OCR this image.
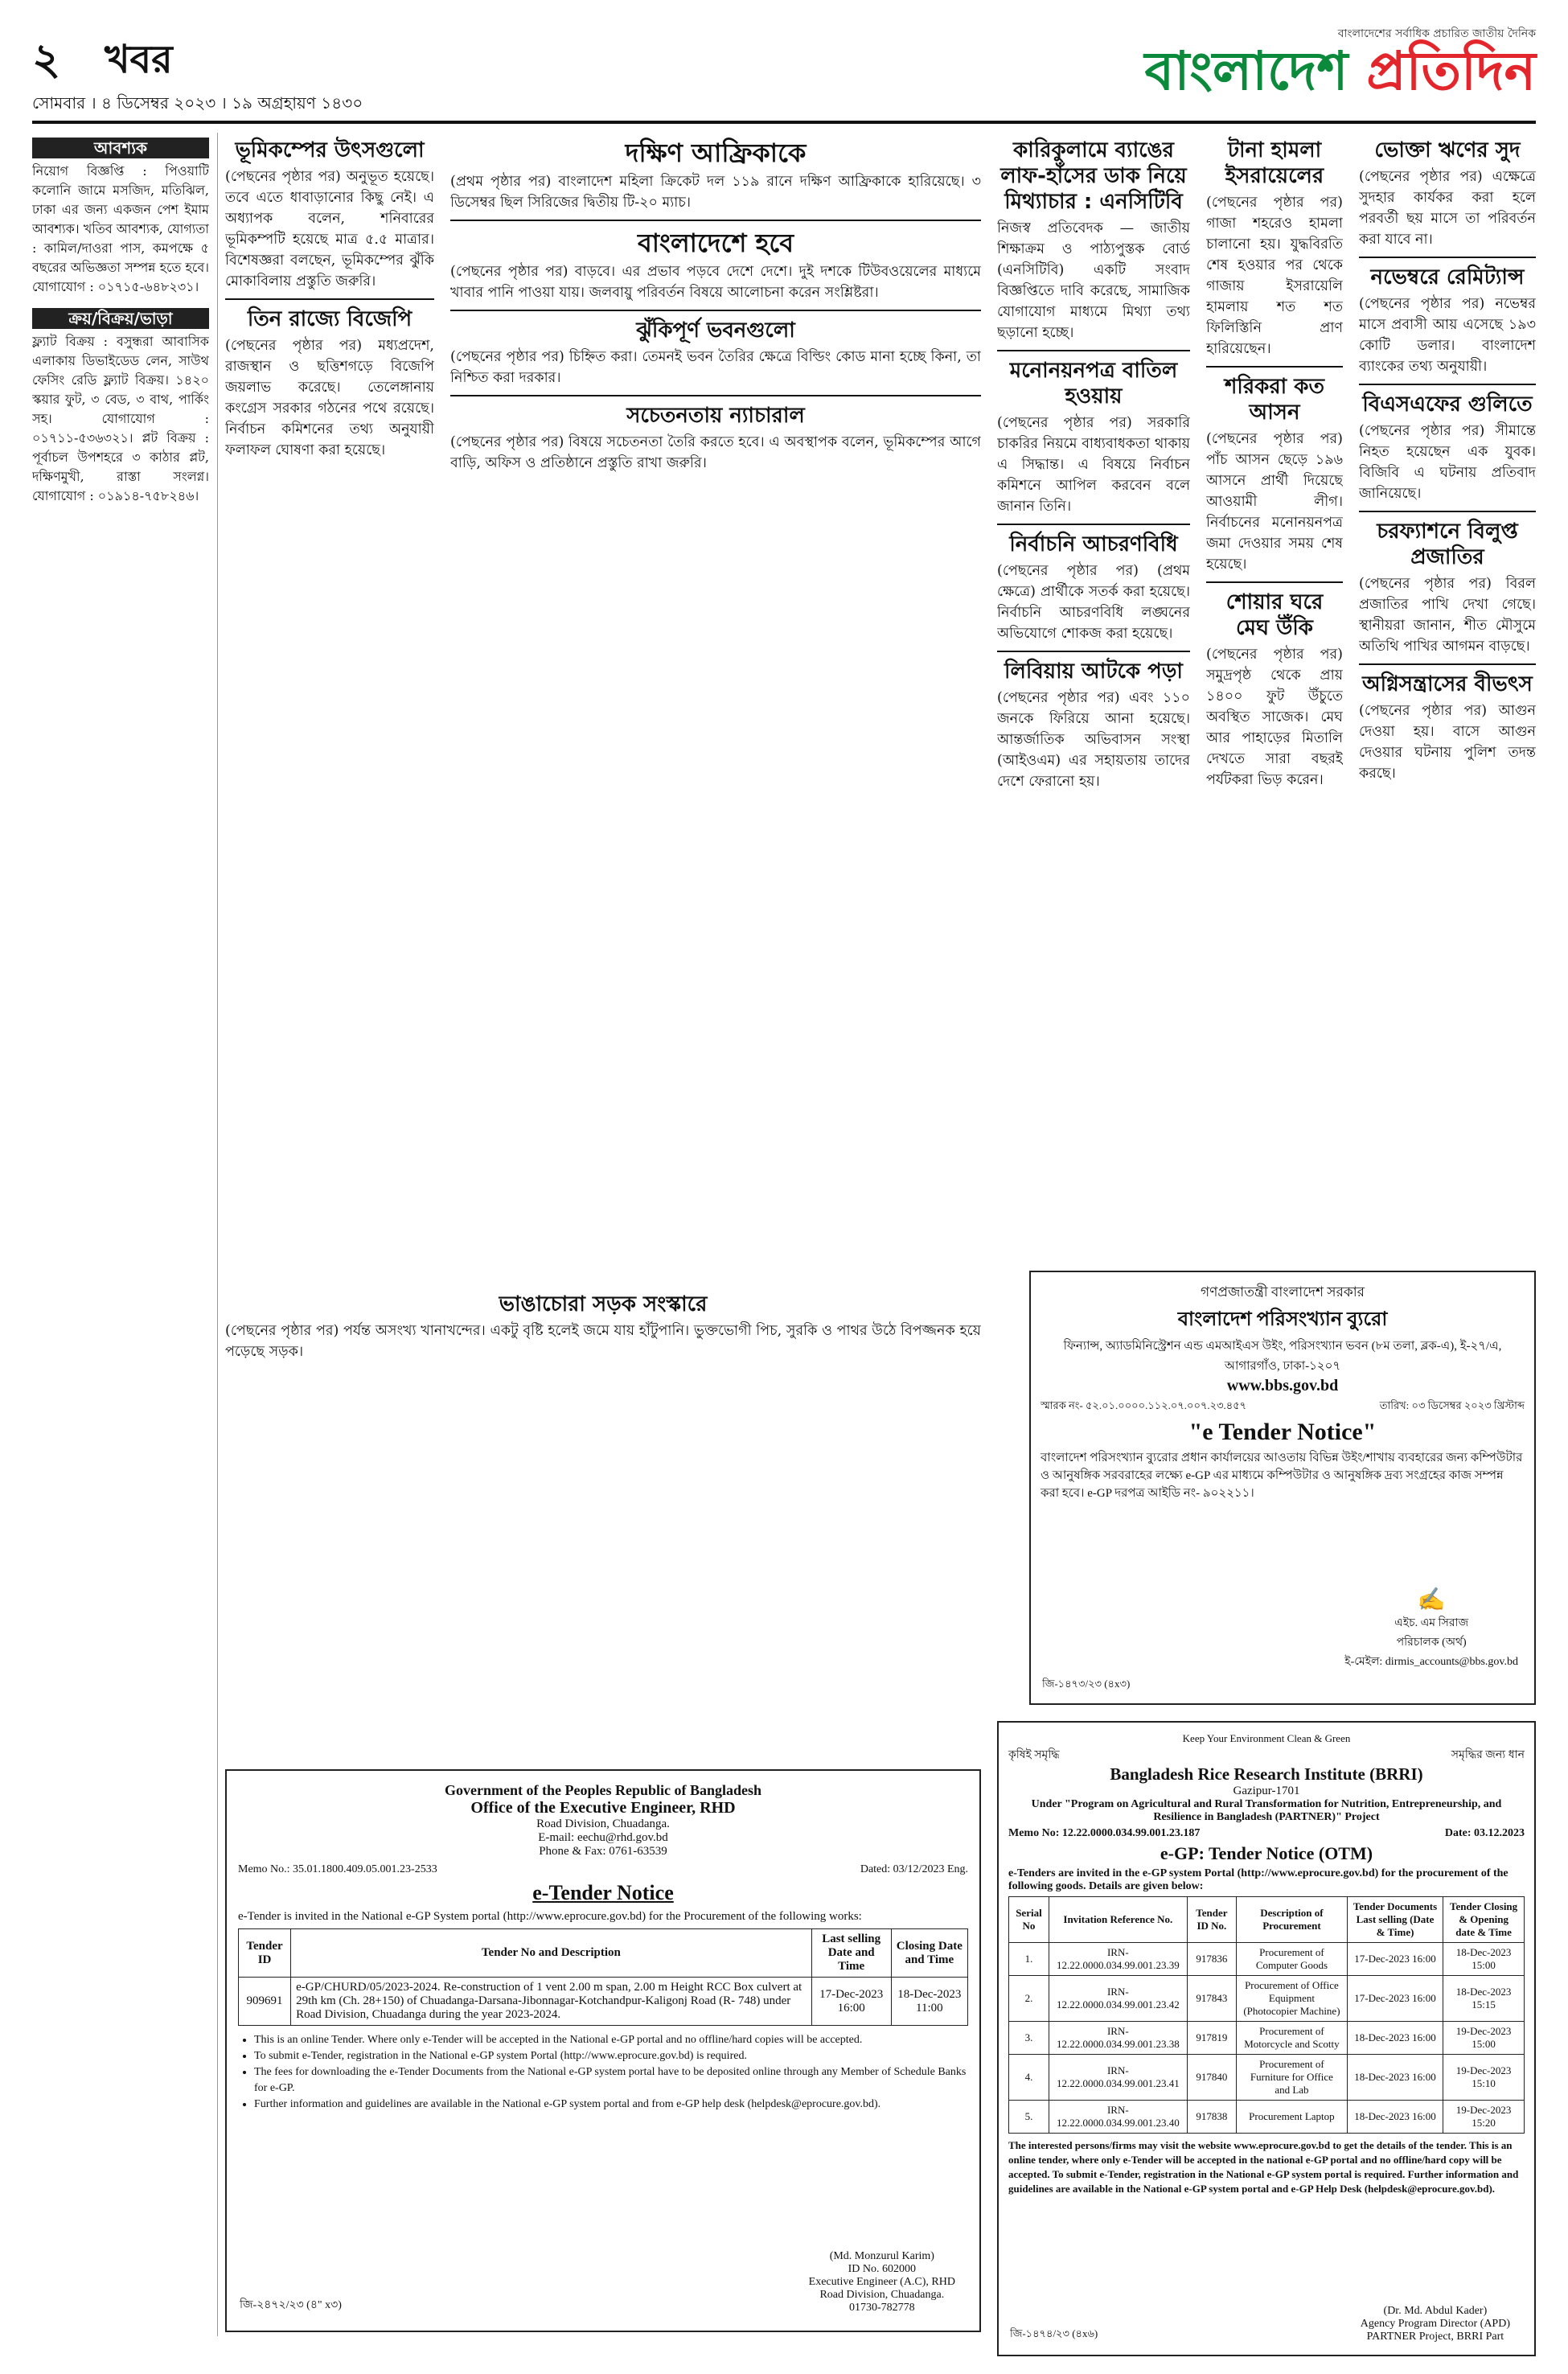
২ খবর
সোমবার । ৪ ডিসেম্বর ২০২৩ । ১৯ অগ্রহায়ণ ১৪৩০
বাংলাদেশের সর্বাধিক প্রচারিত জাতীয় দৈনিক
বাংলাদেশ প্রতিদিন
আবশ্যক

নিয়োগ বিজ্ঞপ্তি : পিওয়াটি কলোনি জামে মসজিদ, মতিঝিল, ঢাকা এর জন্য একজন পেশ ইমাম আবশ্যক। খতিব আবশ্যক, যোগ্যতা : কামিল/দাওরা পাস, কমপক্ষে ৫ বছরের অভিজ্ঞতা সম্পন্ন হতে হবে। যোগাযোগ : ০১৭১৫-৬৪৮২৩১।

ক্রয়/বিক্রয়/ভাড়া

ফ্ল্যাট বিক্রয় : বসুন্ধরা আবাসিক এলাকায় ডিভাইডেড লেন, সাউথ ফেসিং রেডি ফ্ল্যাট বিক্রয়। ১৪২০ স্কয়ার ফুট, ৩ বেড, ৩ বাথ, পার্কিং সহ। যোগাযোগ : ০১৭১১-৫৩৬৩২১। প্লট বিক্রয় : পূর্বাচল উপশহরে ৩ কাঠার প্লট, দক্ষিণমুখী, রাস্তা সংলগ্ন। যোগাযোগ : ০১৯১৪-৭৫৮২৪৬।

ভূমিকম্পের উৎসগুলো

(পেছনের পৃষ্ঠার পর) অনুভূত হয়েছে। তবে এতে ধাবাড়ানোর কিছু নেই। এ অধ্যাপক বলেন, শনিবারের ভূমিকম্পটি হয়েছে মাত্র ৫.৫ মাত্রার। বিশেষজ্ঞরা বলছেন, ভূমিকম্পের ঝুঁকি মোকাবিলায় প্রস্তুতি জরুরি।

তিন রাজ্যে বিজেপি

(পেছনের পৃষ্ঠার পর) মধ্যপ্রদেশ, রাজস্থান ও ছত্তিশগড়ে বিজেপি জয়লাভ করেছে। তেলেঙ্গানায় কংগ্রেস সরকার গঠনের পথে রয়েছে। নির্বাচন কমিশনের তথ্য অনুযায়ী ফলাফল ঘোষণা করা হয়েছে।

দক্ষিণ আফ্রিকাকে

(প্রথম পৃষ্ঠার পর) বাংলাদেশ মহিলা ক্রিকেট দল ১১৯ রানে দক্ষিণ আফ্রিকাকে হারিয়েছে। ৩ ডিসেম্বর ছিল সিরিজের দ্বিতীয় টি-২০ ম্যাচ।

বাংলাদেশে হবে

(পেছনের পৃষ্ঠার পর) বাড়বে। এর প্রভাব পড়বে দেশে দেশে। দুই দশকে টিউবওয়েলের মাধ্যমে খাবার পানি পাওয়া যায়। জলবায়ু পরিবর্তন বিষয়ে আলোচনা করেন সংশ্লিষ্টরা।

ঝুঁকিপূর্ণ ভবনগুলো

(পেছনের পৃষ্ঠার পর) চিহ্নিত করা। তেমনই ভবন তৈরির ক্ষেত্রে বিল্ডিং কোড মানা হচ্ছে কিনা, তা নিশ্চিত করা দরকার।

সচেতনতায় ন্যাচারাল

(পেছনের পৃষ্ঠার পর) বিষয়ে সচেতনতা তৈরি করতে হবে। এ অবস্থাপক বলেন, ভূমিকম্পের আগে বাড়ি, অফিস ও প্রতিষ্ঠানে প্রস্তুতি রাখা জরুরি।

ভাঙাচোরা সড়ক সংস্কারে

(পেছনের পৃষ্ঠার পর) পর্যন্ত অসংখ্য খানাখন্দের। একটু বৃষ্টি হলেই জমে যায় হাঁটুপানি। ভুক্তভোগী পিচ, সুরকি ও পাথর উঠে বিপজ্জনক হয়ে পড়েছে সড়ক।

কারিকুলামে ব্যাঙের লাফ-হাঁসের ডাক নিয়ে মিথ্যাচার : এনসিটিবি

নিজস্ব প্রতিবেদক — জাতীয় শিক্ষাক্রম ও পাঠ্যপুস্তক বোর্ড (এনসিটিবি) একটি সংবাদ বিজ্ঞপ্তিতে দাবি করেছে, সামাজিক যোগাযোগ মাধ্যমে মিথ্যা তথ্য ছড়ানো হচ্ছে।

মনোনয়নপত্র বাতিল হওয়ায়

(পেছনের পৃষ্ঠার পর) সরকারি চাকরির নিয়মে বাধ্যবাধকতা থাকায় এ সিদ্ধান্ত। এ বিষয়ে নির্বাচন কমিশনে আপিল করবেন বলে জানান তিনি।

নির্বাচনি আচরণবিধি

(পেছনের পৃষ্ঠার পর) (প্রথম ক্ষেত্রে) প্রার্থীকে সতর্ক করা হয়েছে। নির্বাচনি আচরণবিধি লঙ্ঘনের অভিযোগে শোকজ করা হয়েছে।

লিবিয়ায় আটকে পড়া

(পেছনের পৃষ্ঠার পর) এবং ১১০ জনকে ফিরিয়ে আনা হয়েছে। আন্তর্জাতিক অভিবাসন সংস্থা (আইওএম) এর সহায়তায় তাদের দেশে ফেরানো হয়।

টানা হামলা ইসরায়েলের

(পেছনের পৃষ্ঠার পর) গাজা শহরেও হামলা চালানো হয়। যুদ্ধবিরতি শেষ হওয়ার পর থেকে গাজায় ইসরায়েলি হামলায় শত শত ফিলিস্তিনি প্রাণ হারিয়েছেন।

শরিকরা কত আসন

(পেছনের পৃষ্ঠার পর) পাঁচ আসন ছেড়ে ১৯৬ আসনে প্রার্থী দিয়েছে আওয়ামী লীগ। নির্বাচনের মনোনয়নপত্র জমা দেওয়ার সময় শেষ হয়েছে।

শোয়ার ঘরে মেঘ উঁকি

(পেছনের পৃষ্ঠার পর) সমুদ্রপৃষ্ঠ থেকে প্রায় ১৪০০ ফুট উঁচুতে অবস্থিত সাজেক। মেঘ আর পাহাড়ের মিতালি দেখতে সারা বছরই পর্যটকরা ভিড় করেন।

ভোক্তা ঋণের সুদ

(পেছনের পৃষ্ঠার পর) এক্ষেত্রে সুদহার কার্যকর করা হলে পরবর্তী ছয় মাসে তা পরিবর্তন করা যাবে না।

নভেম্বরে রেমিট্যান্স

(পেছনের পৃষ্ঠার পর) নভেম্বর মাসে প্রবাসী আয় এসেছে ১৯৩ কোটি ডলার। বাংলাদেশ ব্যাংকের তথ্য অনুযায়ী।

বিএসএফের গুলিতে

(পেছনের পৃষ্ঠার পর) সীমান্তে নিহত হয়েছেন এক যুবক। বিজিবি এ ঘটনায় প্রতিবাদ জানিয়েছে।

চরফ্যাশনে বিলুপ্ত প্রজাতির

(পেছনের পৃষ্ঠার পর) বিরল প্রজাতির পাখি দেখা গেছে। স্থানীয়রা জানান, শীত মৌসুমে অতিথি পাখির আগমন বাড়ছে।

অগ্নিসন্ত্রাসের বীভৎস

(পেছনের পৃষ্ঠার পর) আগুন দেওয়া হয়। বাসে আগুন দেওয়ার ঘটনায় পুলিশ তদন্ত করছে।

গণপ্রজাতন্ত্রী বাংলাদেশ সরকার
বাংলাদেশ পরিসংখ্যান ব্যুরো
ফিন্যান্স, অ্যাডমিনিস্ট্রেশন এন্ড এমআইএস উইং, পরিসংখ্যান ভবন (৮ম তলা, ব্লক-এ), ই-২৭/এ, আগারগাঁও, ঢাকা-১২০৭
www.bbs.gov.bd
স্মারক নং- ৫২.০১.০০০০.১১২.০৭.০০৭.২৩.৪৫৭	তারিখ: ০৩ ডিসেম্বর ২০২৩ খ্রিস্টাব্দ
"e Tender Notice"

বাংলাদেশ পরিসংখ্যান ব্যুরোর প্রধান কার্যালয়ের আওতায় বিভিন্ন উইং/শাখায় ব্যবহারের জন্য কম্পিউটার ও আনুষঙ্গিক সরবরাহের লক্ষ্যে e-GP এর মাধ্যমে কম্পিউটার ও আনুষঙ্গিক দ্রব্য সংগ্রহের কাজ সম্পন্ন করা হবে। e-GP দরপত্র আইডি নং- ৯০২২১১।

✍
এইচ. এম সিরাজ
পরিচালক (অর্থ)
ই-মেইল: dirmis_accounts@bbs.gov.bd
জি-১৪৭৩/২৩ (৪x৩)
Government of the Peoples Republic of Bangladesh
Office of the Executive Engineer, RHD
Road Division, Chuadanga.
E-mail: eechu@rhd.gov.bd
Phone & Fax: 0761-63539
Memo No.: 35.01.1800.409.05.001.23-2533	Dated: 03/12/2023 Eng.
e-Tender Notice

e-Tender is invited in the National e-GP System portal (http://www.eprocure.gov.bd) for the Procurement of the following works:

Tender ID	Tender No and Description	Last selling Date and Time	Closing Date and Time
909691	e-GP/CHURD/05/2023-2024. Re-construction of 1 vent 2.00 m span, 2.00 m Height RCC Box culvert at 29th km (Ch. 28+150) of Chuadanga-Darsana-Jibonnagar-Kotchandpur-Kaligonj Road (R- 748) under Road Division, Chuadanga during the year 2023-2024.	17-Dec-2023 16:00	18-Dec-2023 11:00
• This is an online Tender. Where only e-Tender will be accepted in the National e-GP portal and no offline/hard copies will be accepted.
• To submit e-Tender, registration in the National e-GP system Portal (http://www.eprocure.gov.bd) is required.
• The fees for downloading the e-Tender Documents from the National e-GP system portal have to be deposited online through any Member of Schedule Banks for e-GP.
• Further information and guidelines are available in the National e-GP system portal and from e-GP help desk (helpdesk@eprocure.gov.bd).
(Md. Monzurul Karim)
ID No. 602000
Executive Engineer (A.C), RHD
Road Division, Chuadanga.
01730-782778
জি-২৪৭২/২৩ (৪" x৩)
Keep Your Environment Clean & Green
কৃষিই সমৃদ্ধি	সমৃদ্ধির জন্য ধান
Bangladesh Rice Research Institute (BRRI)
Gazipur-1701
Under "Program on Agricultural and Rural Transformation for Nutrition, Entrepreneurship, and Resilience in Bangladesh (PARTNER)" Project
Memo No: 12.22.0000.034.99.001.23.187	Date: 03.12.2023
e-GP: Tender Notice (OTM)

e-Tenders are invited in the e-GP system Portal (http://www.eprocure.gov.bd) for the procurement of the following goods. Details are given below:

Serial No	Invitation Reference No.	Tender ID No.	Description of Procurement	Tender Documents Last selling (Date & Time)	Tender Closing & Opening date & Time
1.	IRN-12.22.0000.034.99.001.23.39	917836	Procurement of Computer Goods	17-Dec-2023 16:00	18-Dec-2023 15:00
2.	IRN-12.22.0000.034.99.001.23.42	917843	Procurement of Office Equipment (Photocopier Machine)	17-Dec-2023 16:00	18-Dec-2023 15:15
3.	IRN-12.22.0000.034.99.001.23.38	917819	Procurement of Motorcycle and Scotty	18-Dec-2023 16:00	19-Dec-2023 15:00
4.	IRN-12.22.0000.034.99.001.23.41	917840	Procurement of Furniture for Office and Lab	18-Dec-2023 16:00	19-Dec-2023 15:10
5.	IRN-12.22.0000.034.99.001.23.40	917838	Procurement Laptop	18-Dec-2023 16:00	19-Dec-2023 15:20

The interested persons/firms may visit the website www.eprocure.gov.bd to get the details of the tender. This is an online tender, where only e-Tender will be accepted in the national e-GP portal and no offline/hard copy will be accepted. To submit e-Tender, registration in the National e-GP system portal is required. Further information and guidelines are available in the National e-GP system portal and e-GP Help Desk (helpdesk@eprocure.gov.bd).

(Dr. Md. Abdul Kader)
Agency Program Director (APD)
PARTNER Project, BRRI Part
জি-১৪৭৪/২৩ (৪x৬)
